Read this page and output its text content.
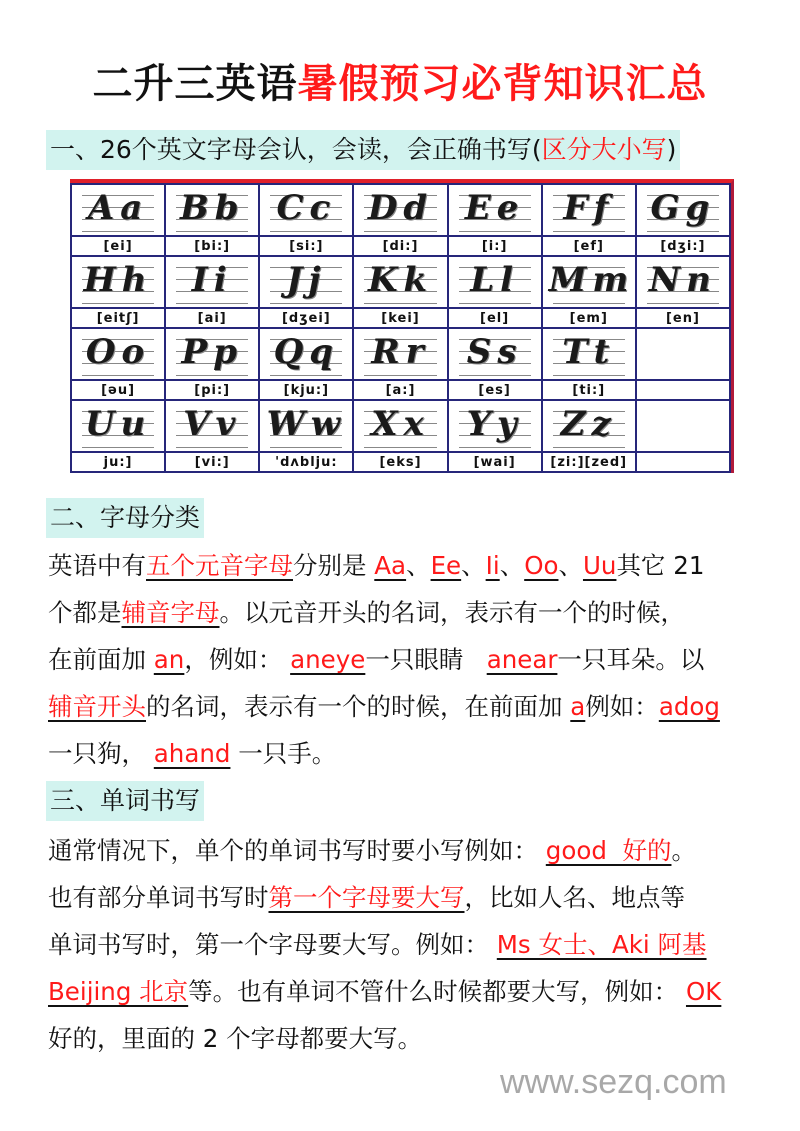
二升三英语暑假预习必背知识汇总
一、26个英文字母会认，会读，会正确书写(区分大小写)
Aa	Bb	Cc	Dd	Ee	Ff	Gg

[ei]	[bi:]	[si:]	[di:]	[i:]	[ef]	[dʒi:]

Hh	Ii	Jj	Kk	Ll	Mm	Nn

[eitʃ]	[ai]	[dʒei]	[kei]	[el]	[em]	[en]

Oo	Pp	Qq	Rr	Ss	Tt	

[əu]	[pi:]	[kju:]	[a:]	[es]	[ti:]	

Uu	Vv	Ww	Xx	Yy	Zz	

ju:]	[vi:]	'dʌblju:	[eks]	[wai]	[zi:][zed]	
二、字母分类
英语中有五个元音字母分别是 Aa、Ee、Ii、Oo、Uu其它 21
个都是辅音字母。以元音开头的名词，表示有一个的时候，
在前面加 an，例如： aneye一只眼睛   anear一只耳朵。以
辅音开头的名词，表示有一个的时候，在前面加 a例如：adog
一只狗， ahand 一只手。
三、单词书写
通常情况下，单个的单词书写时要小写例如： good  好的。
也有部分单词书写时第一个字母要大写，比如人名、地点等
单词书写时，第一个字母要大写。例如： Ms 女士、Aki 阿基
Beijing 北京等。也有单词不管什么时候都要大写，例如： OK
好的，里面的 2 个字母都要大写。
www.sezq.com
